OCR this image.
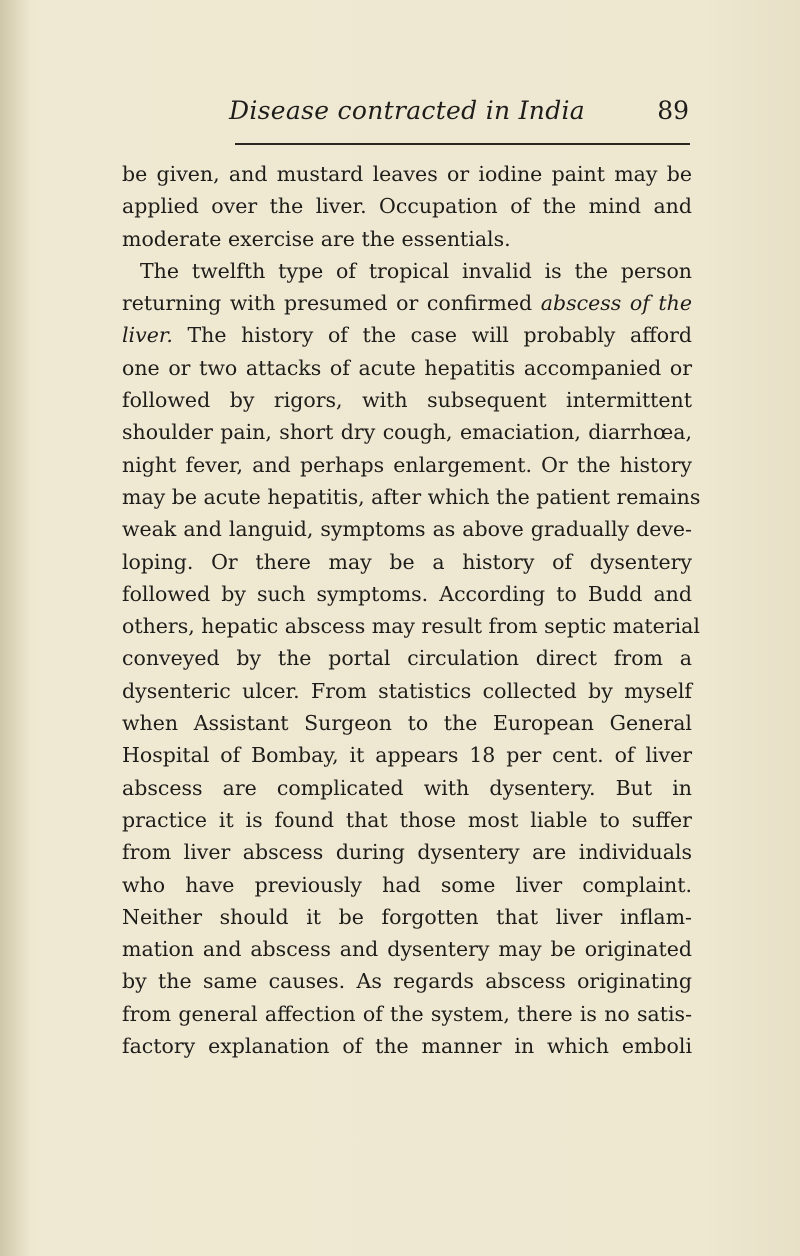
Disease contracted in India	89
be given, and mustard leaves or iodine paint may be
applied over the liver. Occupation of the mind and
moderate exercise are the essentials.
The twelfth type of tropical invalid is the person
returning with presumed or confirmed abscess of the
liver. The history of the case will probably afford
one or two attacks of acute hepatitis accompanied or
followed by rigors, with subsequent intermittent
shoulder pain, short dry cough, emaciation, diarrhœa,
night fever, and perhaps enlargement. Or the history
may be acute hepatitis, after which the patient remains
weak and languid, symptoms as above gradually deve-
loping. Or there may be a history of dysentery
followed by such symptoms. According to Budd and
others, hepatic abscess may result from septic material
conveyed by the portal circulation direct from a
dysenteric ulcer. From statistics collected by myself
when Assistant Surgeon to the European General
Hospital of Bombay, it appears 18 per cent. of liver
abscess are complicated with dysentery. But in
practice it is found that those most liable to suffer
from liver abscess during dysentery are individuals
who have previously had some liver complaint.
Neither should it be forgotten that liver inflam-
mation and abscess and dysentery may be originated
by the same causes. As regards abscess originating
from general affection of the system, there is no satis-
factory explanation of the manner in which emboli
